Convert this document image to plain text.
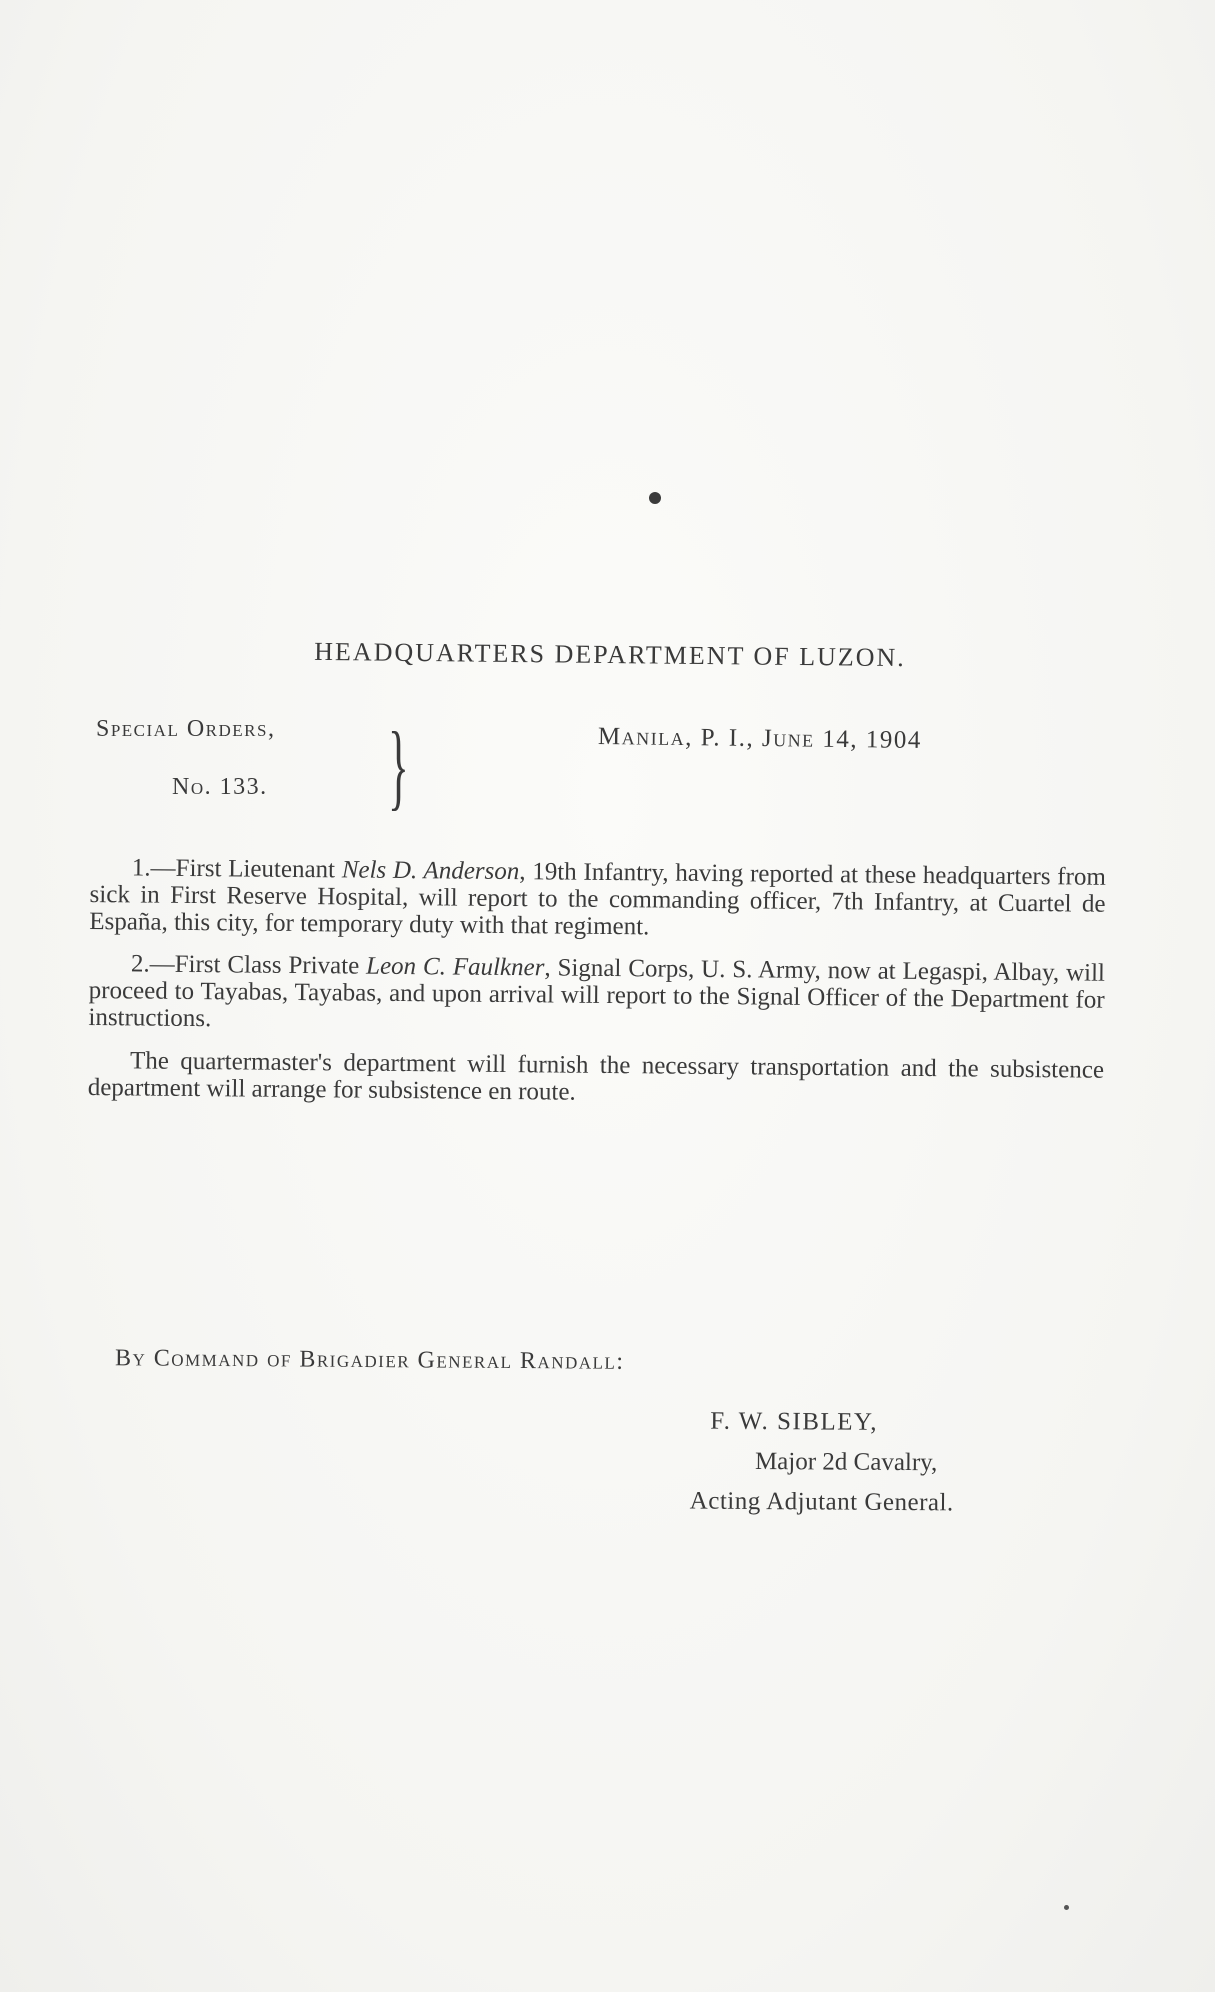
HEADQUARTERS DEPARTMENT OF LUZON.
Special Orders,
No. 133. }	Manila, P. I., June 14, 1904

1.—First Lieutenant Nels D. Anderson, 19th Infantry, having reported at these headquarters from sick in First Reserve Hospital, will report to the commanding officer, 7th Infantry, at Cuartel de España, this city, for temporary duty with that regiment.

2.—First Class Private Leon C. Faulkner, Signal Corps, U. S. Army, now at Legaspi, Albay, will proceed to Tayabas, Tayabas, and upon arrival will report to the Signal Officer of the Department for instructions.

The quartermaster's department will furnish the necessary transportation and the subsistence department will arrange for subsistence en route.

By Command of Brigadier General Randall:
F. W. SIBLEY,
Major 2d Cavalry,
Acting Adjutant General.
